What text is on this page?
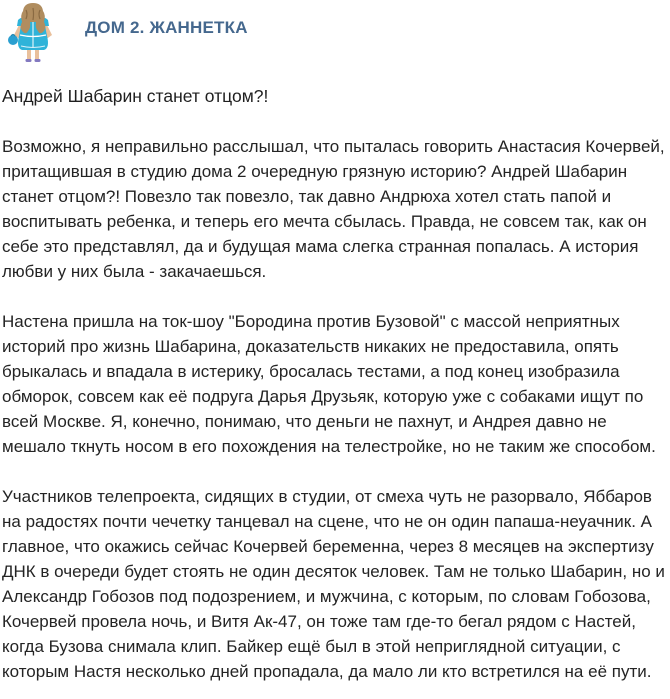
ДОМ 2. ЖАННЕТКА

Андрей Шабарин станет отцом?!

Возможно, я неправильно расслышал, что пыталась говорить Анастасия Кочервей, притащившая в студию дома 2 очередную грязную историю? Андрей Шабарин станет отцом?! Повезло так повезло, так давно Андрюха хотел стать папой и воспитывать ребенка, и теперь его мечта сбылась. Правда, не совсем так, как он себе это представлял, да и будущая мама слегка странная попалась. А история любви у них была - закачаешься.

Настена пришла на ток-шоу "Бородина против Бузовой" с массой неприятных историй про жизнь Шабарина, доказательств никаких не предоставила, опять брыкалась и впадала в истерику, бросалась тестами, а под конец изобразила обморок, совсем как её подруга Дарья Друзьяк, которую уже с собаками ищут по всей Москве. Я, конечно, понимаю, что деньги не пахнут, и Андрея давно не мешало ткнуть носом в его похождения на телестройке, но не таким же способом.

Участников телепроекта, сидящих в студии, от смеха чуть не разорвало, Яббаров на радостях почти чечетку танцевал на сцене, что не он один папаша-неуачник. А главное, что окажись сейчас Кочервей беременна, через 8 месяцев на экспертизу ДНК в очереди будет стоять не один десяток человек. Там не только Шабарин, но и Александр Гобозов под подозрением, и мужчина, с которым, по словам Гобозова, Кочервей провела ночь, и Витя Ак-47, он тоже там где-то бегал рядом с Настей, когда Бузова снимала клип. Байкер ещё был в этой неприглядной ситуации, с которым Настя несколько дней пропадала, да мало ли кто встретился на её пути.
